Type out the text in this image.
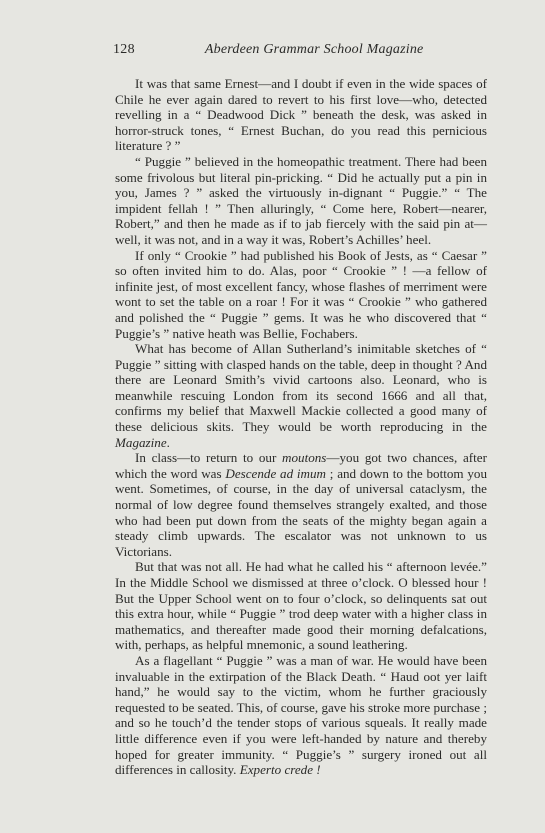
128	Aberdeen Grammar School Magazine

It was that same Ernest—and I doubt if even in the wide spaces of Chile he ever again dared to revert to his first love—who, detected revelling in a “ Deadwood Dick ” beneath the desk, was asked in horror-struck tones, “ Ernest Buchan, do you read this pernicious literature ? ”

“ Puggie ” believed in the homeopathic treatment. There had been some frivolous but literal pin-pricking. “ Did he actually put a pin in you, James ? ” asked the virtuously in-dignant “ Puggie.” “ The impident fellah ! ” Then alluringly, “ Come here, Robert—nearer, Robert,” and then he made as if to jab fiercely with the said pin at—well, it was not, and in a way it was, Robert’s Achilles’ heel.

If only “ Crookie ” had published his Book of Jests, as “ Caesar ” so often invited him to do. Alas, poor “ Crookie ” ! —a fellow of infinite jest, of most excellent fancy, whose flashes of merriment were wont to set the table on a roar ! For it was “ Crookie ” who gathered and polished the “ Puggie ” gems. It was he who discovered that “ Puggie’s ” native heath was Bellie, Fochabers.

What has become of Allan Sutherland’s inimitable sketches of “ Puggie ” sitting with clasped hands on the table, deep in thought ? And there are Leonard Smith’s vivid cartoons also. Leonard, who is meanwhile rescuing London from its second 1666 and all that, confirms my belief that Maxwell Mackie collected a good many of these delicious skits. They would be worth reproducing in the Magazine.

In class—to return to our moutons—you got two chances, after which the word was Descende ad imum ; and down to the bottom you went. Sometimes, of course, in the day of universal cataclysm, the normal of low degree found themselves strangely exalted, and those who had been put down from the seats of the mighty began again a steady climb upwards. The escalator was not unknown to us Victorians.

But that was not all. He had what he called his “ afternoon levée.” In the Middle School we dismissed at three o’clock. O blessed hour ! But the Upper School went on to four o’clock, so delinquents sat out this extra hour, while “ Puggie ” trod deep water with a higher class in mathematics, and thereafter made good their morning defalcations, with, perhaps, as helpful mnemonic, a sound leathering.

As a flagellant “ Puggie ” was a man of war. He would have been invaluable in the extirpation of the Black Death. “ Haud oot yer laift hand,” he would say to the victim, whom he further graciously requested to be seated. This, of course, gave his stroke more purchase ; and so he touch’d the tender stops of various squeals. It really made little difference even if you were left-handed by nature and thereby hoped for greater immunity. “ Puggie’s ” surgery ironed out all differences in callosity. Experto crede !
